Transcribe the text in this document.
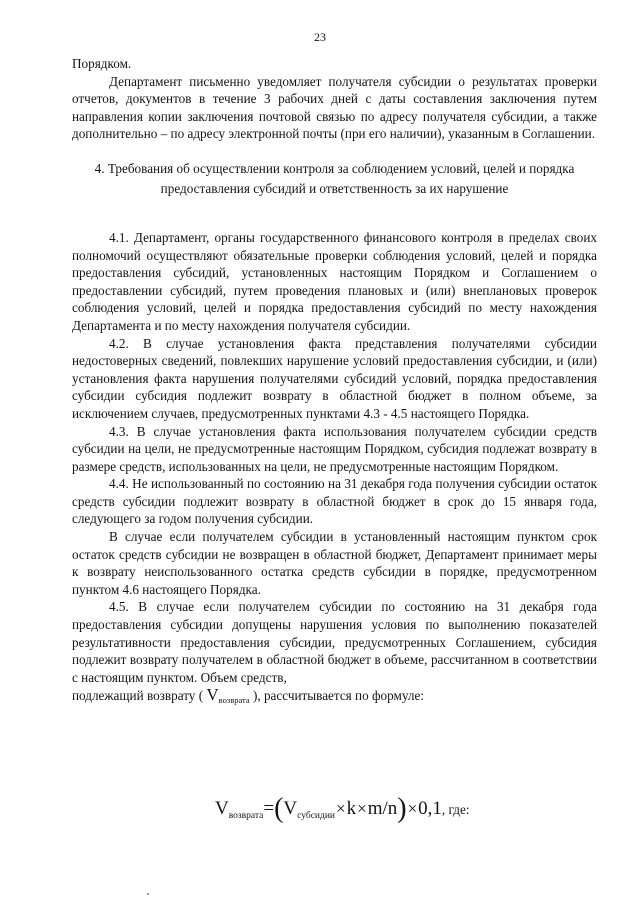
23

Порядком.

Департамент письменно уведомляет получателя субсидии о результатах проверки отчетов, документов в течение 3 рабочих дней с даты составления заключения путем направления копии заключения почтовой связью по адресу получателя субсидии, а также дополнительно – по адресу электронной почты (при его наличии), указанным в Соглашении.

4. Требования об осуществлении контроля за соблюдением условий, целей и порядка предоставления субсидий и ответственность за их нарушение

4.1. Департамент, органы государственного финансового контроля в пределах своих полномочий осуществляют обязательные проверки соблюдения условий, целей и порядка предоставления субсидий, установленных настоящим Порядком и Соглашением о предоставлении субсидий, путем проведения плановых и (или) внеплановых проверок соблюдения условий, целей и порядка предоставления субсидий по месту нахождения Департамента и по месту нахождения получателя субсидии.

4.2. В случае установления факта представления получателями субсидии недостоверных сведений, повлекших нарушение условий предоставления субсидии, и (или) установления факта нарушения получателями субсидий условий, порядка предоставления субсидии субсидия подлежит возврату в областной бюджет в полном объеме, за исключением случаев, предусмотренных пунктами 4.3 - 4.5 настоящего Порядка.

4.3. В случае установления факта использования получателем субсидии средств субсидии на цели, не предусмотренные настоящим Порядком, субсидия подлежат возврату в размере средств, использованных на цели, не предусмотренные настоящим Порядком.

4.4. Не использованный по состоянию на 31 декабря года получения субсидии остаток средств субсидии подлежит возврату в областной бюджет в срок до 15 января года, следующего за годом получения субсидии.

В случае если получателем субсидии в установленный настоящим пунктом срок остаток средств субсидии не возвращен в областной бюджет, Департамент принимает меры к возврату неиспользованного остатка средств субсидии в порядке, предусмотренном пунктом 4.6 настоящего Порядка.

4.5. В случае если получателем субсидии по состоянию на 31 декабря года предоставления субсидии допущены нарушения условия по выполнению показателей результативности предоставления субсидии, предусмотренных Соглашением, субсидия подлежит возврату получателем в областной бюджет в объеме, рассчитанном в соответствии с настоящим пунктом. Объем средств,

подлежащий возврату ( $V_{возврата}$ ), рассчитывается по формуле:

$V_{возврата}=(V_{субсидии}\times k\times m/n)\times 0,1$, где:
